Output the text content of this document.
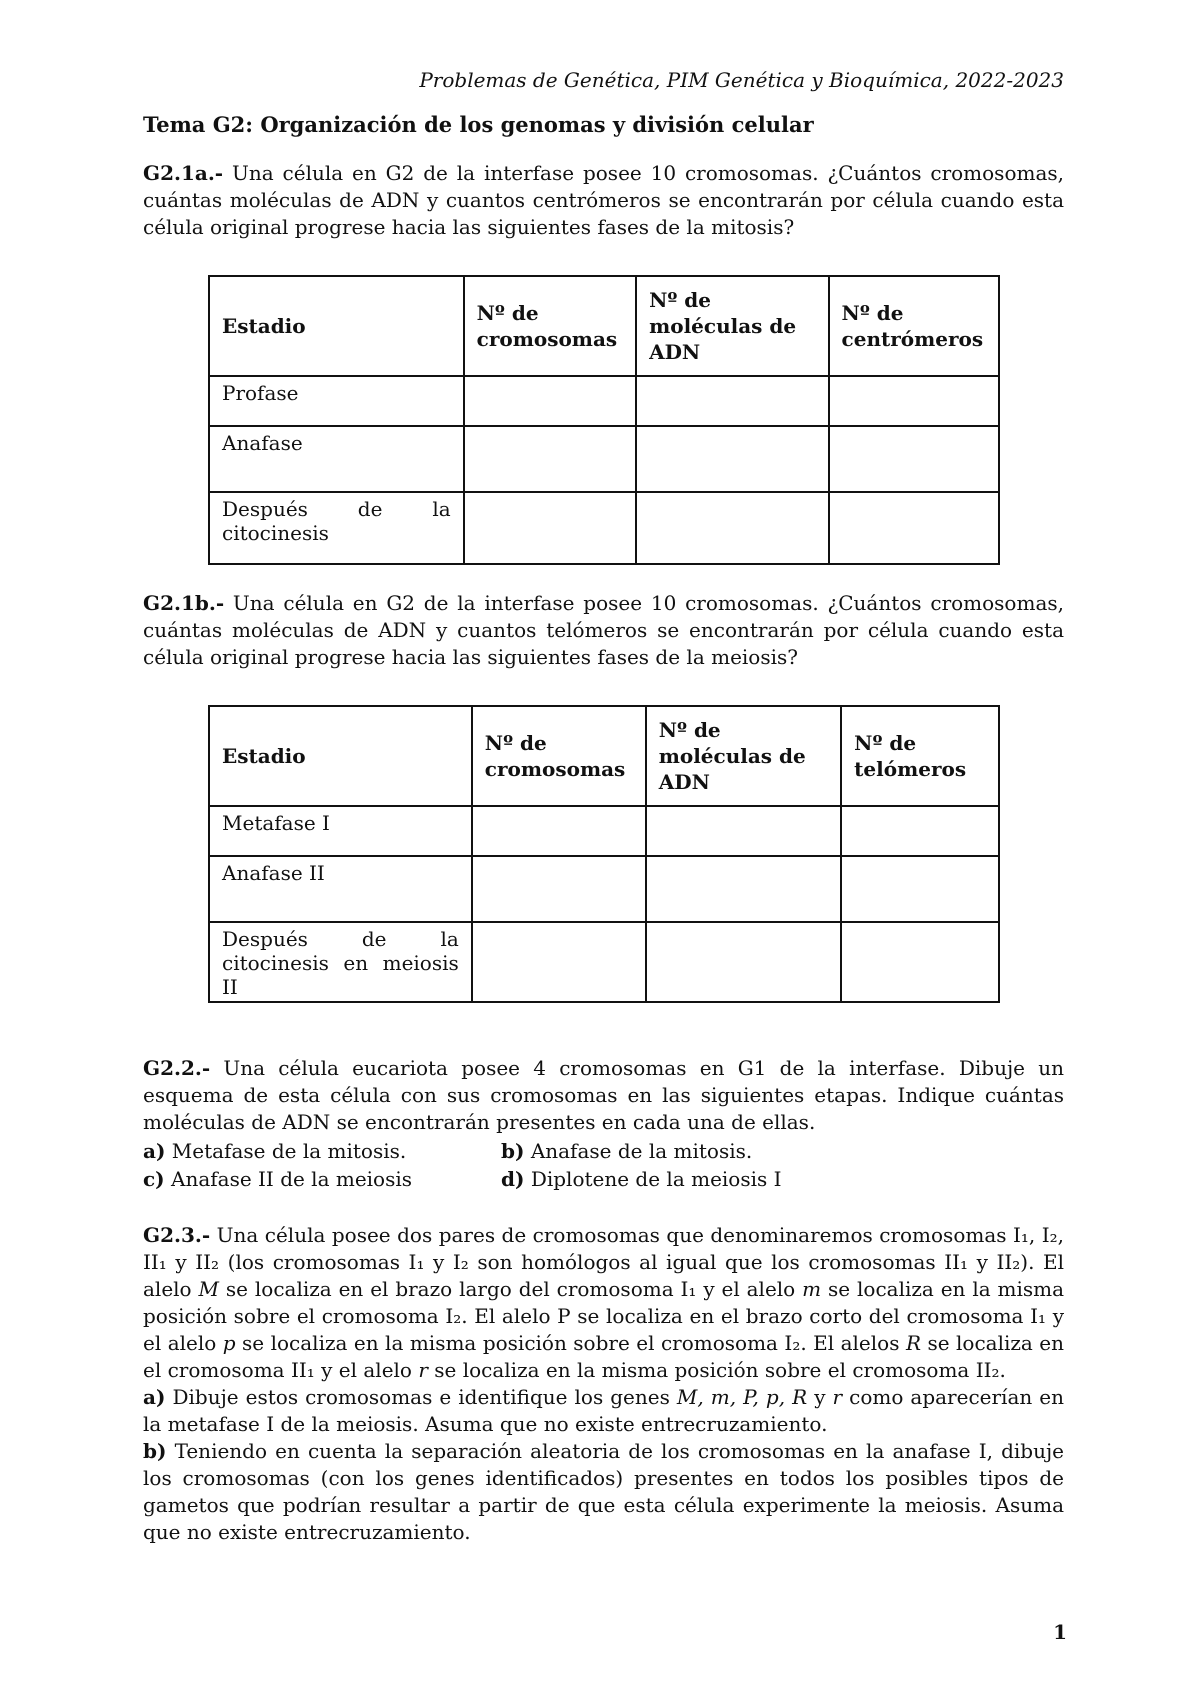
Problemas de Genética, PIM Genética y Bioquímica, 2022-2023
Tema G2: Organización de los genomas y división celular
G2.1a.- Una célula en G2 de la interfase posee 10 cromosomas. ¿Cuántos cromosomas, cuántas moléculas de ADN y cuantos centrómeros se encontrarán por célula cuando esta célula original progrese hacia las siguientes fases de la mitosis?
Estadio	Nº de cromosomas	Nº de moléculas de ADN	Nº de centrómeros
Profase			
Anafase			
Después de la citocinesis			
G2.1b.- Una célula en G2 de la interfase posee 10 cromosomas. ¿Cuántos cromosomas, cuántas moléculas de ADN y cuantos telómeros se encontrarán por célula cuando esta célula original progrese hacia las siguientes fases de la meiosis?
Estadio	Nº de cromosomas	Nº de moléculas de ADN	Nº de telómeros
Metafase I			
Anafase II			
Después de la citocinesis en meiosis II			
G2.2.- Una célula eucariota posee 4 cromosomas en G1 de la interfase. Dibuje un esquema de esta célula con sus cromosomas en las siguientes etapas. Indique cuántas moléculas de ADN se encontrarán presentes en cada una de ellas.
a) Metafase de la mitosis.	b) Anafase de la mitosis.
c) Anafase II de la meiosis	d) Diplotene de la meiosis I
G2.3.- Una célula posee dos pares de cromosomas que denominaremos cromosomas I₁, I₂, II₁ y II₂ (los cromosomas I₁ y I₂ son homólogos al igual que los cromosomas II₁ y II₂). El alelo M se localiza en el brazo largo del cromosoma I₁ y el alelo m se localiza en la misma posición sobre el cromosoma I₂. El alelo P se localiza en el brazo corto del cromosoma I₁ y el alelo p se localiza en la misma posición sobre el cromosoma I₂. El alelos R se localiza en el cromosoma II₁ y el alelo r se localiza en la misma posición sobre el cromosoma II₂.
a) Dibuje estos cromosomas e identifique los genes M, m, P, p, R y r como aparecerían en la metafase I de la meiosis. Asuma que no existe entrecruzamiento.
b) Teniendo en cuenta la separación aleatoria de los cromosomas en la anafase I, dibuje los cromosomas (con los genes identificados) presentes en todos los posibles tipos de gametos que podrían resultar a partir de que esta célula experimente la meiosis. Asuma que no existe entrecruzamiento.
1
